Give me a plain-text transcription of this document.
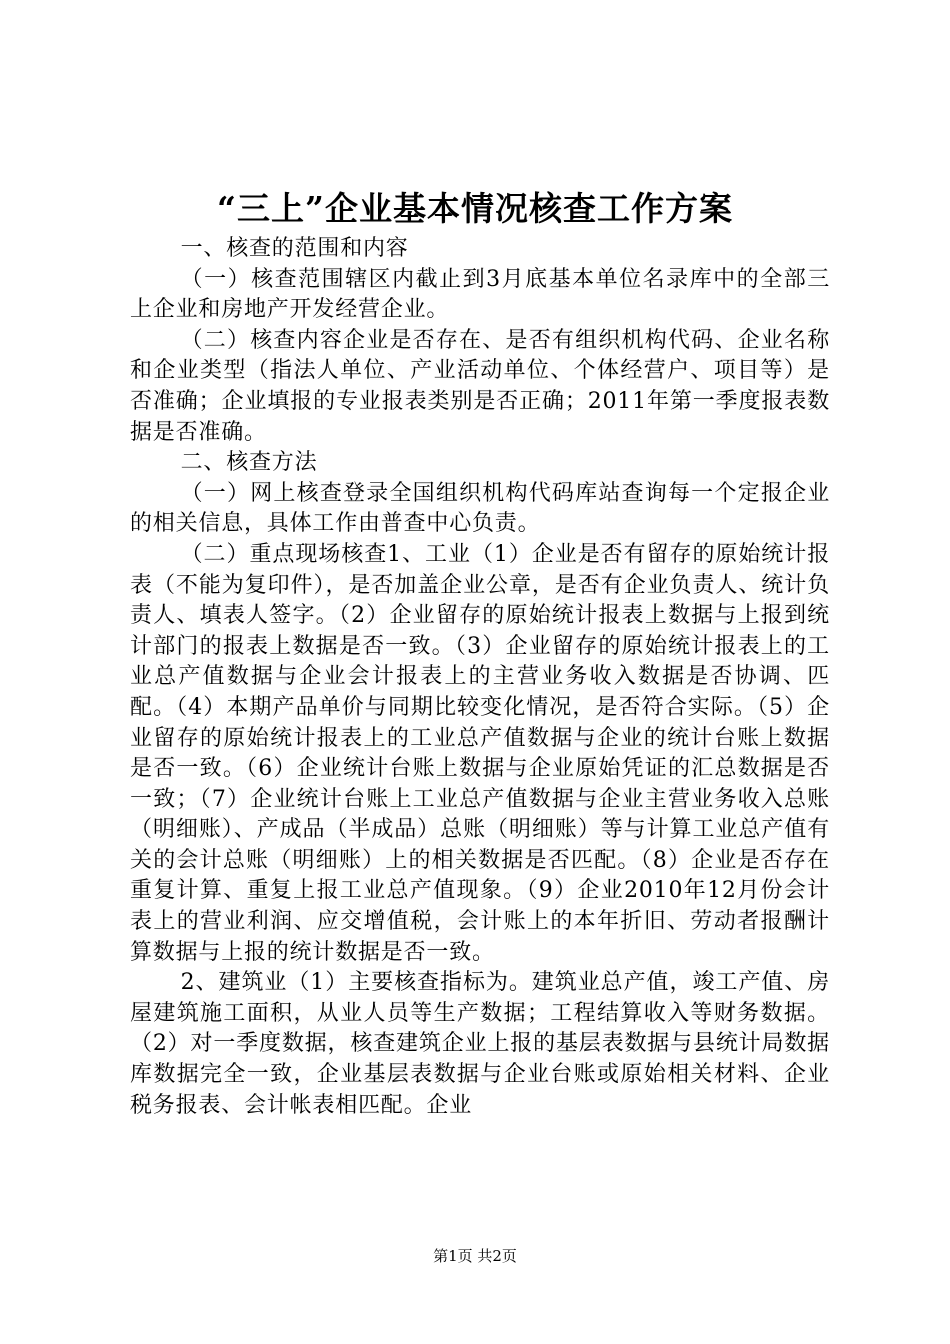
“三上”企业基本情况核查工作方案

一、核查的范围和内容

（一）核查范围辖区内截止到3月底基本单位名录库中的全部三上企业和房地产开发经营企业。

（二）核查内容企业是否存在、是否有组织机构代码、企业名称和企业类型（指法人单位、产业活动单位、个体经营户、项目等）是否准确；企业填报的专业报表类别是否正确；2011年第一季度报表数据是否准确。

二、核查方法

（一）网上核查登录全国组织机构代码库站查询每一个定报企业的相关信息，具体工作由普查中心负责。

（二）重点现场核查1、工业（1）企业是否有留存的原始统计报表（不能为复印件），是否加盖企业公章，是否有企业负责人、统计负责人、填表人签字。（2）企业留存的原始统计报表上数据与上报到统计部门的报表上数据是否一致。（3）企业留存的原始统计报表上的工业总产值数据与企业会计报表上的主营业务收入数据是否协调、匹配。（4）本期产品单价与同期比较变化情况，是否符合实际。（5）企业留存的原始统计报表上的工业总产值数据与企业的统计台账上数据是否一致。（6）企业统计台账上数据与企业原始凭证的汇总数据是否一致；（7）企业统计台账上工业总产值数据与企业主营业务收入总账（明细账）、产成品（半成品）总账（明细账）等与计算工业总产值有关的会计总账（明细账）上的相关数据是否匹配。（8）企业是否存在重复计算、重复上报工业总产值现象。（9）企业2010年12月份会计表上的营业利润、应交增值税，会计账上的本年折旧、劳动者报酬计算数据与上报的统计数据是否一致。

2、建筑业（1）主要核查指标为。建筑业总产值，竣工产值、房屋建筑施工面积，从业人员等生产数据；工程结算收入等财务数据。（2）对一季度数据，核查建筑企业上报的基层表数据与县统计局数据库数据完全一致，企业基层表数据与企业台账或原始相关材料、企业税务报表、会计帐表相匹配。企业

第1页 共2页
